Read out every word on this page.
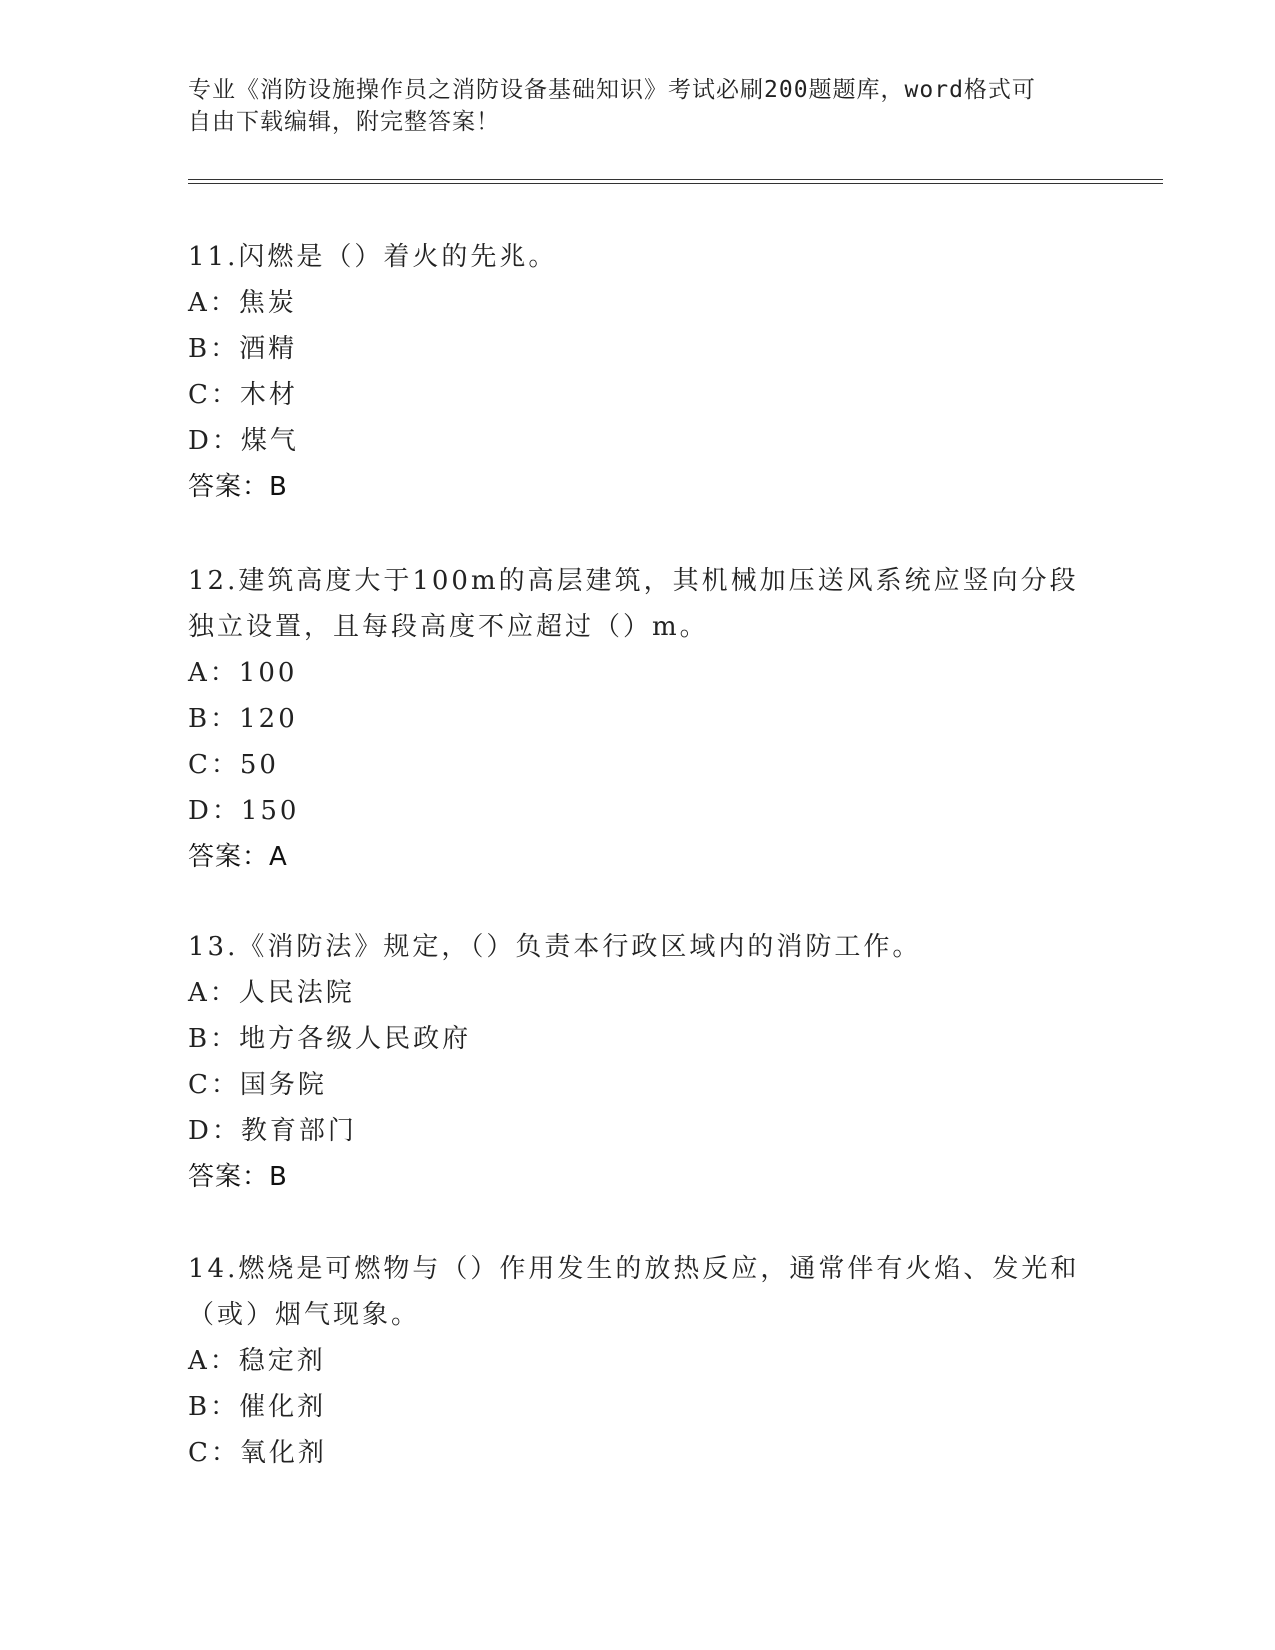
专业《消防设施操作员之消防设备基础知识》考试必刷200题题库，word格式可
自由下载编辑，附完整答案！
11.闪燃是（）着火的先兆。
A：焦炭
B：酒精
C：木材
D：煤气
答案：B
12.建筑高度大于100m的高层建筑，其机械加压送风系统应竖向分段
独立设置，且每段高度不应超过（）m。
A：100
B：120
C：50
D：150
答案：A
13.《消防法》规定，（）负责本行政区域内的消防工作。
A：人民法院
B：地方各级人民政府
C：国务院
D：教育部门
答案：B
14.燃烧是可燃物与（）作用发生的放热反应，通常伴有火焰、发光和
（或）烟气现象。
A：稳定剂
B：催化剂
C：氧化剂
